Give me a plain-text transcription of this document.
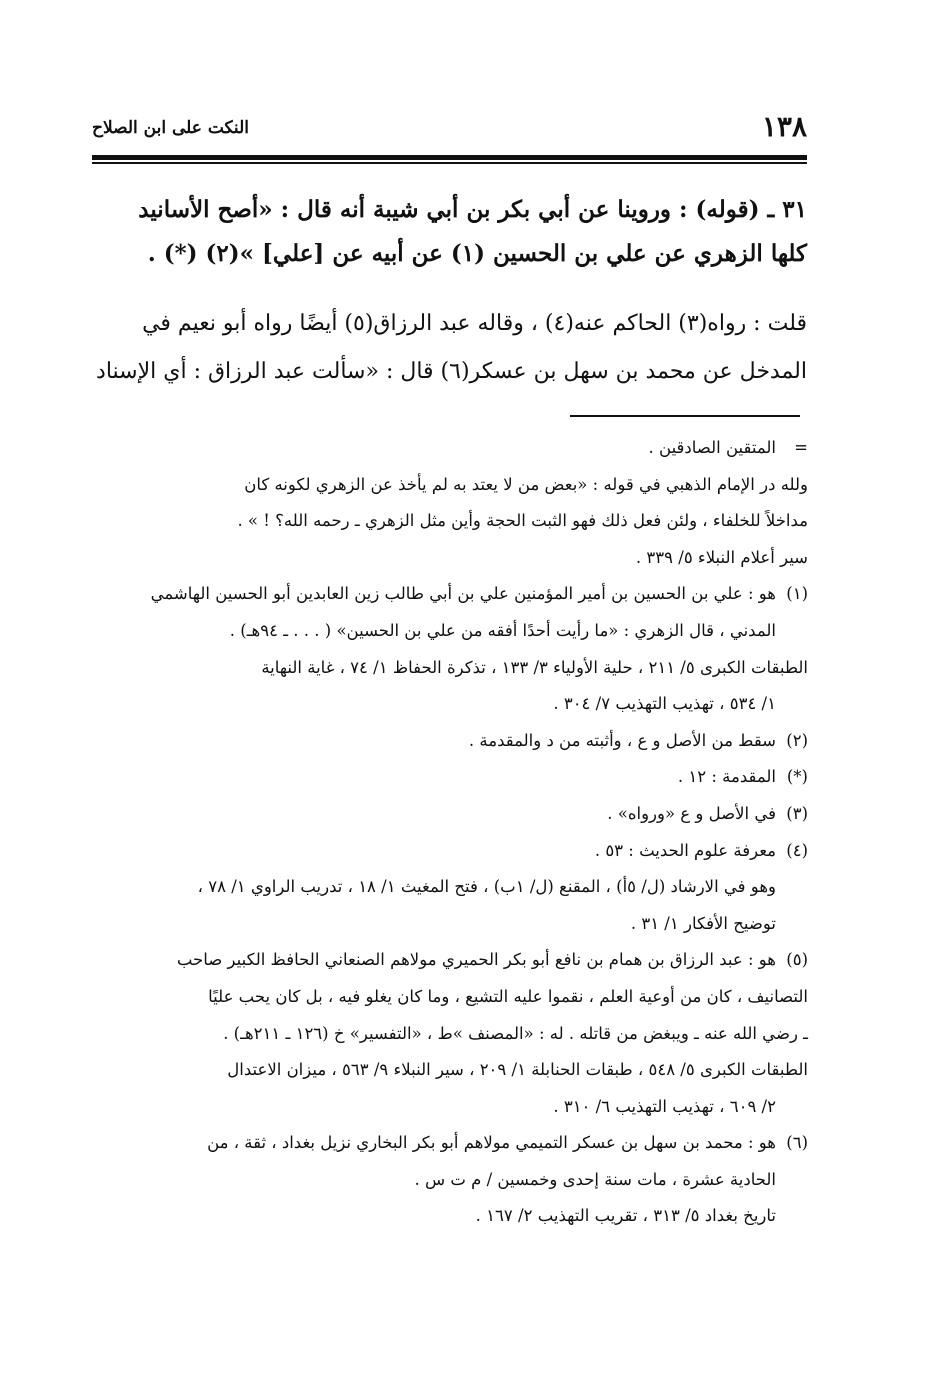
١٣٨
النكت على ابن الصلاح

٣١ ـ (قوله) : وروينا عن أبي بكر بن أبي شيبة أنه قال : «أصح الأسانيد

كلها الزهري عن علي بن الحسين (١) عن أبيه عن [علي] »(٢) (*) .

قلت : رواه(٣) الحاكم عنه(٤) ، وقاله عبد الرزاق(٥) أيضًا رواه أبو نعيم في

المدخل عن محمد بن سهل بن عسكر(٦) قال : «سألت عبد الرزاق : أي الإسناد

=

المتقين الصادقين .

ولله در الإمام الذهبي في قوله : «بعض من لا يعتد به لم يأخذ عن الزهري لكونه كان

مداخلاً للخلفاء ، ولئن فعل ذلك فهو الثبت الحجة وأين مثل الزهري ـ رحمه الله؟ ! » .

سير أعلام النبلاء ٥/ ٣٣٩ .

(١)

هو : علي بن الحسين بن أمير المؤمنين علي بن أبي طالب زين العابدين أبو الحسين الهاشمي

المدني ، قال الزهري : «ما رأيت أحدًا أفقه من علي بن الحسين» ( . . . ـ ٩٤هـ) .

الطبقات الكبرى ٥/ ٢١١ ، حلية الأولياء ٣/ ١٣٣ ، تذكرة الحفاظ ١/ ٧٤ ، غاية النهاية

١/ ٥٣٤ ، تهذيب التهذيب ٧/ ٣٠٤ .

(٢)

سقط من الأصل و ع ، وأثبته من د والمقدمة .

(*)

المقدمة : ١٢ .

(٣)

في الأصل و ع «ورواه» .

(٤)

معرفة علوم الحديث : ٥٣ .

وهو في الارشاد (ل/ ٥أ) ، المقنع (ل/ ١ب) ، فتح المغيث ١/ ١٨ ، تدريب الراوي ١/ ٧٨ ،

توضيح الأفكار ١/ ٣١ .

(٥)

هو : عبد الرزاق بن همام بن نافع أبو بكر الحميري مولاهم الصنعاني الحافظ الكبير صاحب

التصانيف ، كان من أوعية العلم ، نقموا عليه التشيع ، وما كان يغلو فيه ، بل كان يحب عليًا

ـ رضي الله عنه ـ ويبغض من قاتله . له : «المصنف »ط ، «التفسير» خ (١٢٦ ـ ٢١١هـ) .

الطبقات الكبرى ٥/ ٥٤٨ ، طبقات الحنابلة ١/ ٢٠٩ ، سير النبلاء ٩/ ٥٦٣ ، ميزان الاعتدال

٢/ ٦٠٩ ، تهذيب التهذيب ٦/ ٣١٠ .

(٦)

هو : محمد بن سهل بن عسكر التميمي مولاهم أبو بكر البخاري نزيل بغداد ، ثقة ، من

الحادية عشرة ، مات سنة إحدى وخمسين / م ت س .

تاريخ بغداد ٥/ ٣١٣ ، تقريب التهذيب ٢/ ١٦٧ .
